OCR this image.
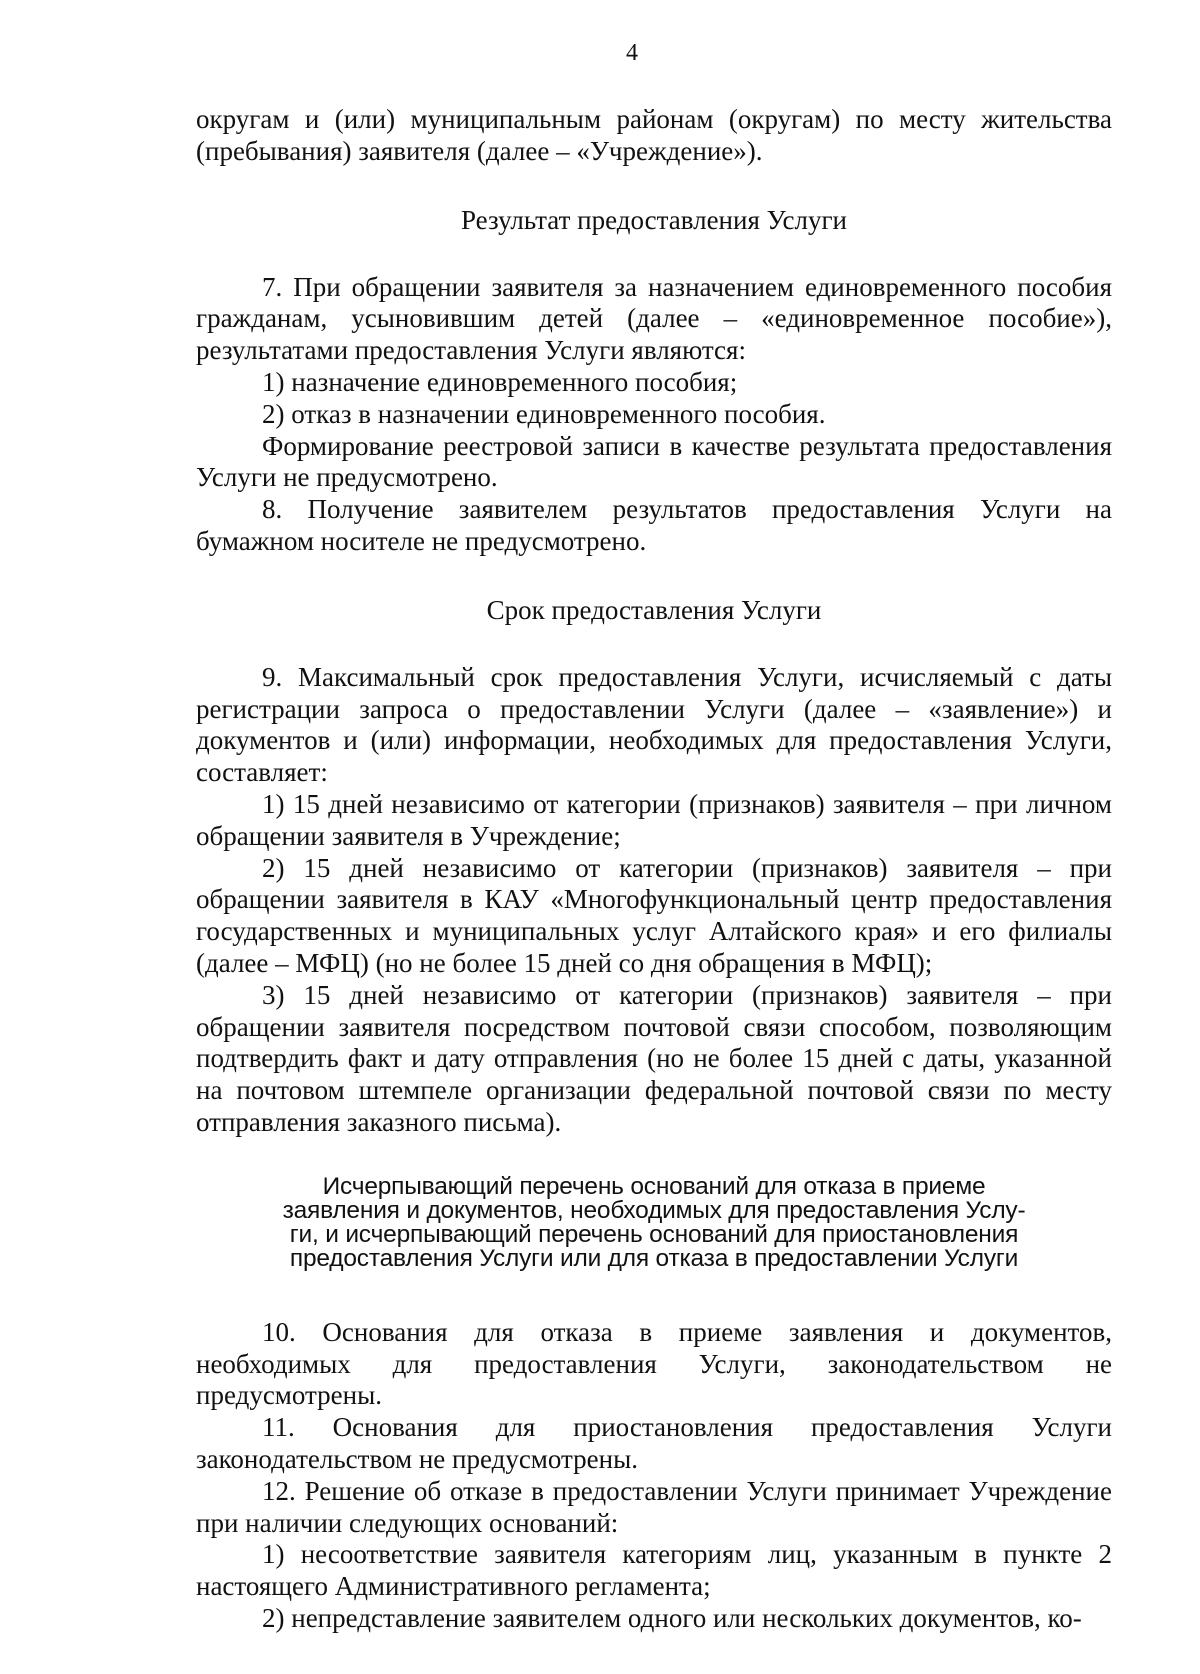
4

округам и (или) муниципальным районам (округам) по месту жительства (пребывания) заявителя (далее – «Учреждение»).

Результат предоставления Услуги

7. При обращении заявителя за назначением единовременного пособия гражданам, усыновившим детей (далее – «единовременное пособие»), результатами предоставления Услуги являются:

1) назначение единовременного пособия;

2) отказ в назначении единовременного пособия.

Формирование реестровой записи в качестве результата предоставления Услуги не предусмотрено.

8. Получение заявителем результатов предоставления Услуги на бумажном носителе не предусмотрено.

Срок предоставления Услуги

9. Максимальный срок предоставления Услуги, исчисляемый с даты регистрации запроса о предоставлении Услуги (далее – «заявление») и документов и (или) информации, необходимых для предоставления Услуги, составляет:

1) 15 дней независимо от категории (признаков) заявителя – при личном обращении заявителя в Учреждение;

2) 15 дней независимо от категории (признаков) заявителя – при обращении заявителя в КАУ «Многофункциональный центр предоставления государственных и муниципальных услуг Алтайского края» и его филиалы (далее – МФЦ) (но не более 15 дней со дня обращения в МФЦ);

3) 15 дней независимо от категории (признаков) заявителя – при обращении заявителя посредством почтовой связи способом, позволяющим подтвердить факт и дату отправления (но не более 15 дней с даты, указанной на почтовом штемпеле организации федеральной почтовой связи по месту отправления заказного письма).

Исчерпывающий перечень оснований для отказа в приеме
заявления и документов, необходимых для предоставления Услу-
ги, и исчерпывающий перечень оснований для приостановления
предоставления Услуги или для отказа в предоставлении Услуги

10. Основания для отказа в приеме заявления и документов, необходимых для предоставления Услуги, законодательством не предусмотрены.

11. Основания для приостановления предоставления Услуги законодательством не предусмотрены.

12. Решение об отказе в предоставлении Услуги принимает Учреждение при наличии следующих оснований:

1) несоответствие заявителя категориям лиц, указанным в пункте 2 настоящего Административного регламента;

2) непредставление заявителем одного или нескольких документов, ко-
